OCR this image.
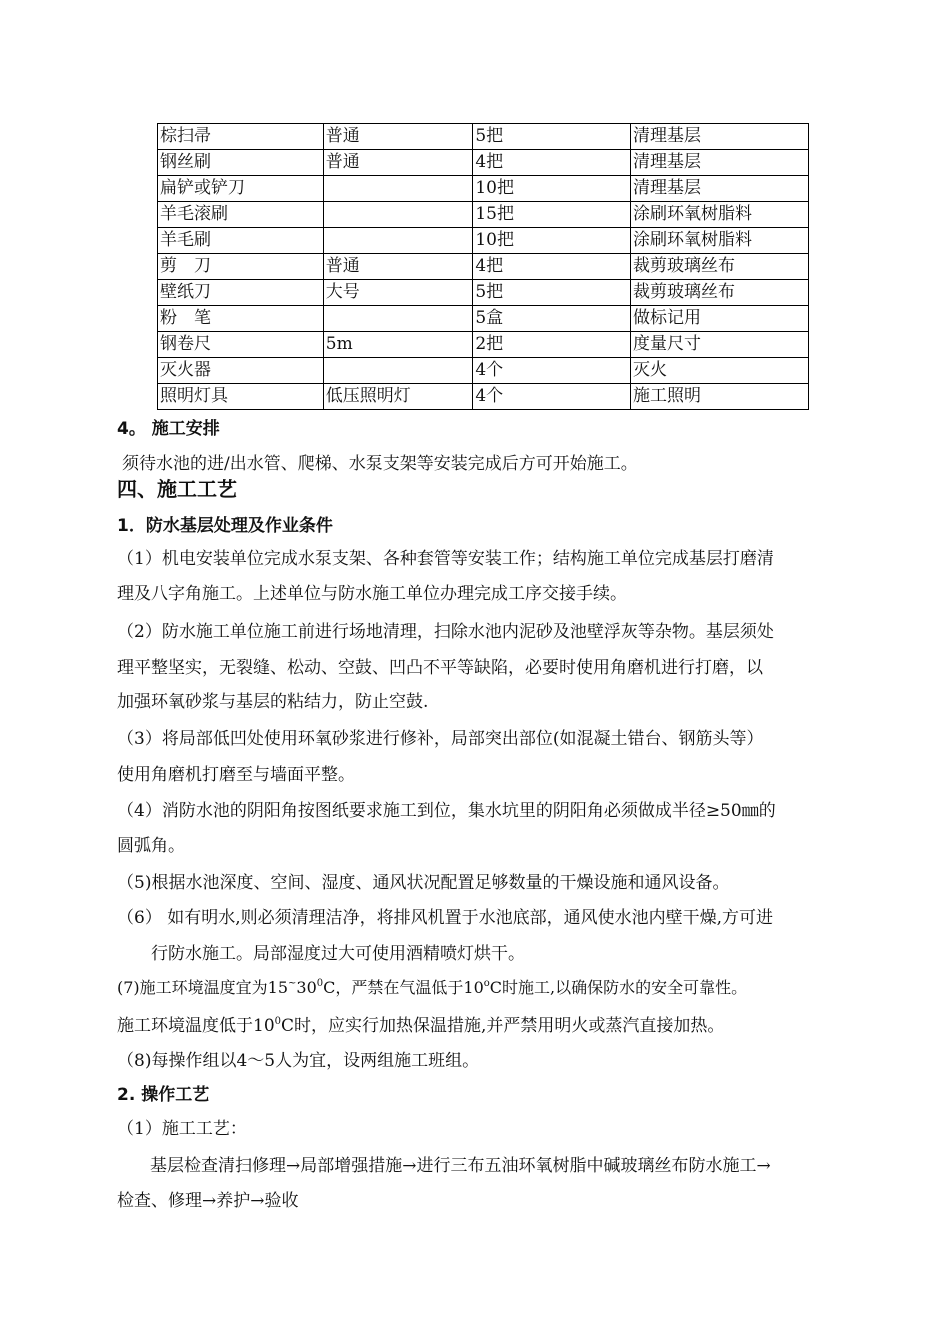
棕扫帚	普通	5把	清理基层
钢丝刷	普通	4把	清理基层
扁铲或铲刀		10把	清理基层
羊毛滚刷		15把	涂刷环氧树脂料
羊毛刷		10把	涂刷环氧树脂料
剪　刀	普通	4把	裁剪玻璃丝布
壁纸刀	大号	5把	裁剪玻璃丝布
粉　笔		5盒	做标记用
钢卷尺	5m	2把	度量尺寸
灭火器		4个	灭火
照明灯具	低压照明灯	4个	施工照明
4。 施工安排
须待水池的进/出水管、爬梯、水泵支架等安装完成后方可开始施工。
四、施工工艺
1．防水基层处理及作业条件
（1）机电安装单位完成水泵支架、各种套管等安装工作；结构施工单位完成基层打磨清
理及八字角施工。上述单位与防水施工单位办理完成工序交接手续。
（2）防水施工单位施工前进行场地清理，扫除水池内泥砂及池壁浮灰等杂物。基层须处
理平整坚实，无裂缝、松动、空鼓、凹凸不平等缺陷，必要时使用角磨机进行打磨，以
加强环氧砂浆与基层的粘结力，防止空鼓.
（3）将局部低凹处使用环氧砂浆进行修补，局部突出部位(如混凝土错台、钢筋头等）
使用角磨机打磨至与墙面平整。
（4）消防水池的阴阳角按图纸要求施工到位，集水坑里的阴阳角必须做成半径≥50㎜的
圆弧角。
（5)根据水池深度、空间、湿度、通风状况配置足够数量的干燥设施和通风设备。
（6） 如有明水,则必须清理洁净，将排风机置于水池底部，通风使水池内壁干燥,方可进
行防水施工。局部湿度过大可使用酒精喷灯烘干。
(7)施工环境温度宜为$15^\sim 30^0C$，严禁在气温低于10$^o$C时施工,以确保防水的安全可靠性。
施工环境温度低于$10^0C$时，应实行加热保温措施,并严禁用明火或蒸汽直接加热。
（8)每操作组以4～5人为宜，设两组施工班组。
2. 操作工艺
（1）施工工艺：
基层检查清扫修理→局部增强措施→进行三布五油环氧树脂中碱玻璃丝布防水施工→
检查、修理→养护→验收
